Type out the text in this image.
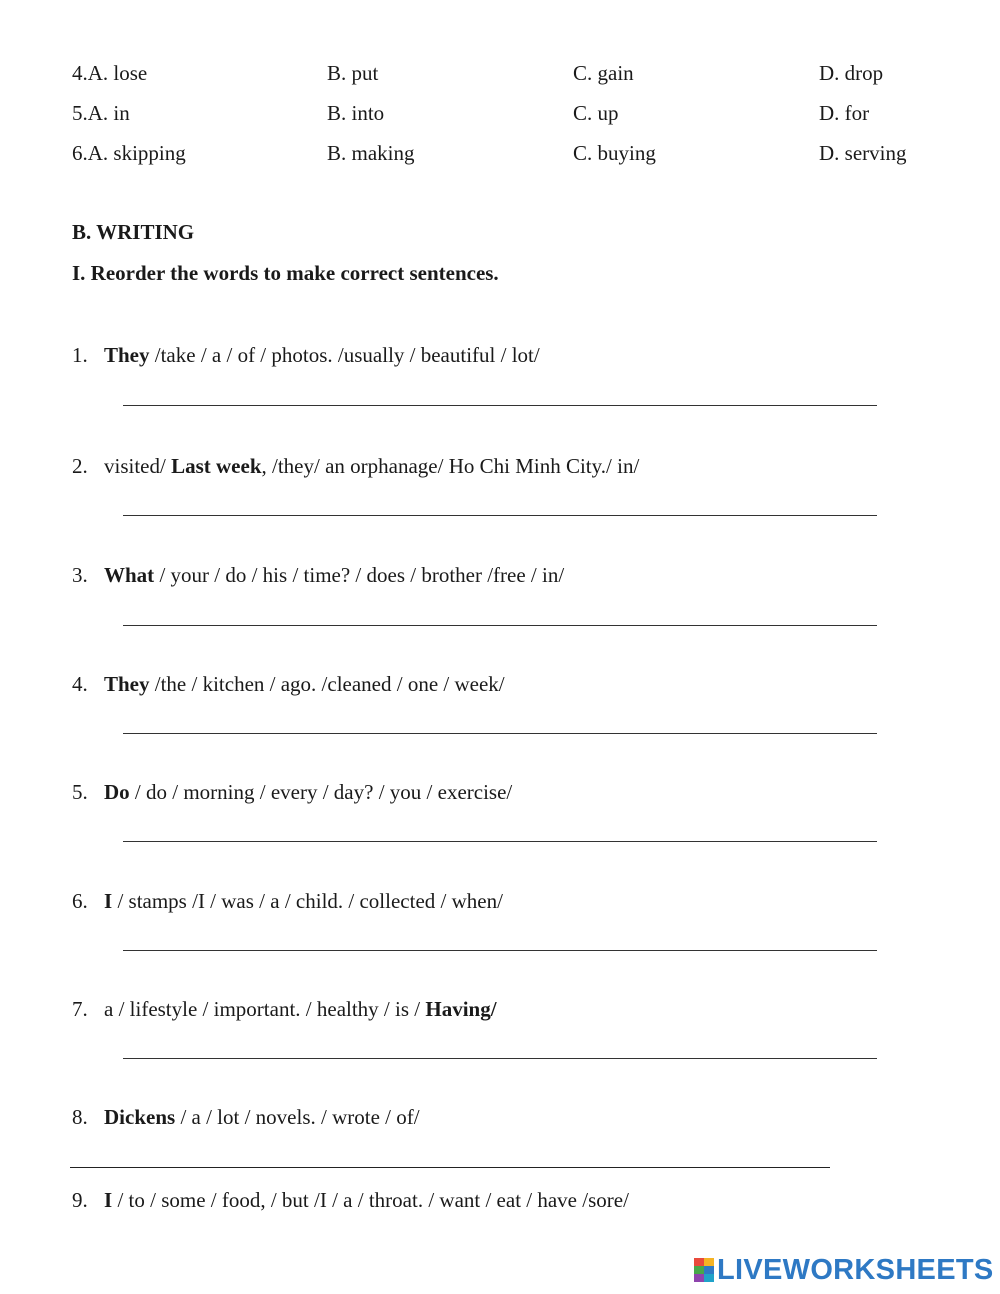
4.A. lose	B. put	C. gain	D. drop
5.A. in	B. into	C. up	D. for
6.A. skipping	B. making	C. buying	D. serving
B. WRITING
I. Reorder the words to make correct sentences.
1. They /take / a / of / photos. /usually / beautiful / lot/
2. visited/ Last week, /they/ an orphanage/ Ho Chi Minh City./ in/
3. What / your / do / his / time? / does / brother /free / in/
4. They /the / kitchen / ago. /cleaned / one / week/
5. Do / do / morning / every / day? / you / exercise/
6. I / stamps /I / was / a / child. / collected / when/
7. a / lifestyle / important. / healthy / is / Having/
8. Dickens / a / lot / novels. / wrote / of/
9. I / to / some / food, / but /I / a / throat. / want / eat / have /sore/
LIVEWORKSHEETS
